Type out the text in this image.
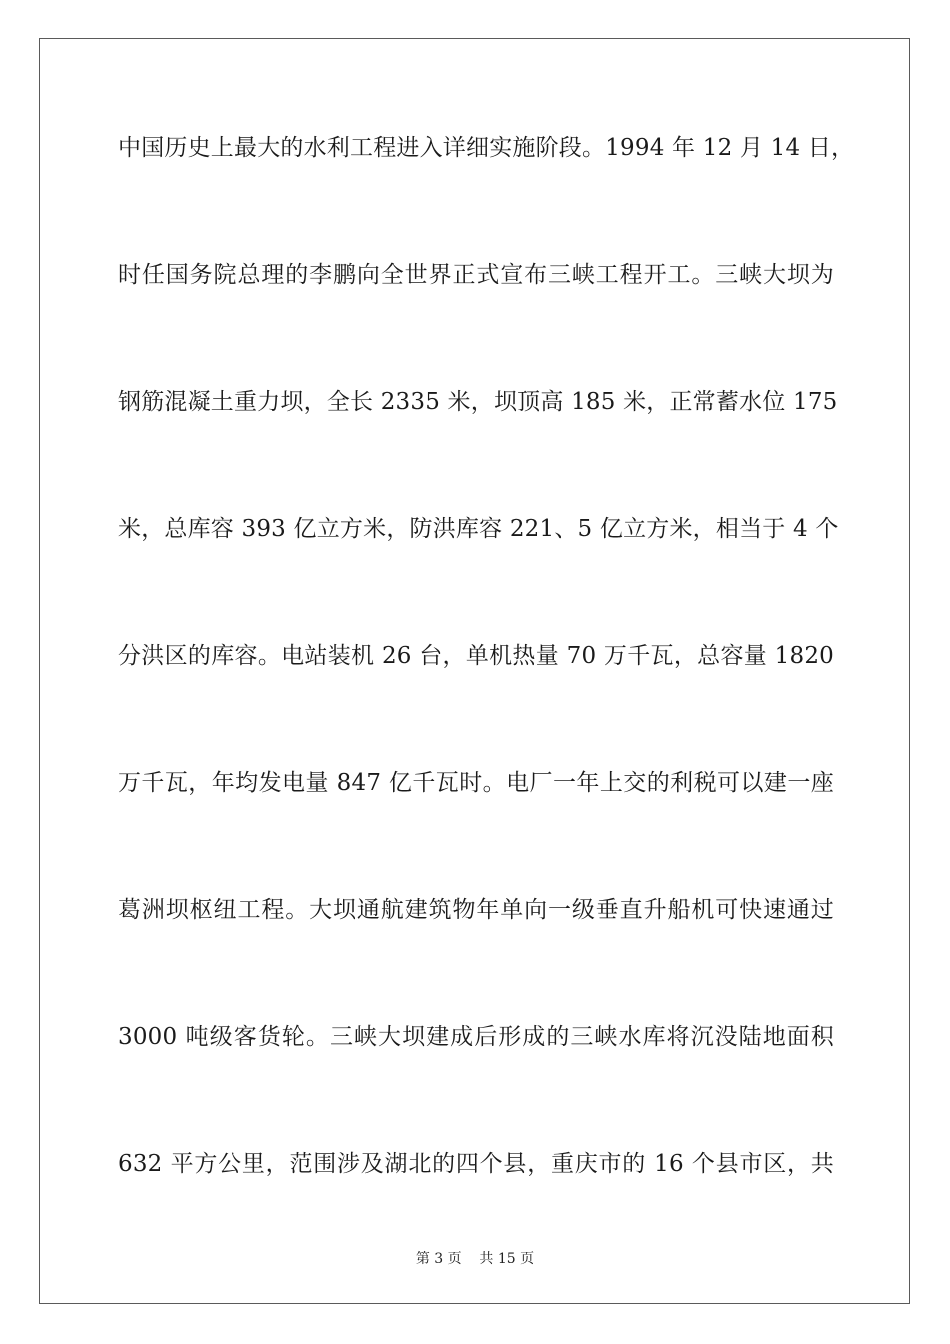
中国历史上最大的水利工程进入详细实施阶段。1994 年 12 月 14 日，
时任国务院总理的李鹏向全世界正式宣布三峡工程开工。三峡大坝为
钢筋混凝土重力坝，全长 2335 米，坝顶高 185 米，正常蓄水位 175
米，总库容 393 亿立方米，防洪库容 221、5 亿立方米，相当于 4 个
分洪区的库容。电站装机 26 台，单机热量 70 万千瓦，总容量 1820
万千瓦，年均发电量 847 亿千瓦时。电厂一年上交的利税可以建一座
葛洲坝枢纽工程。大坝通航建筑物年单向一级垂直升船机可快速通过
3000 吨级客货轮。三峡大坝建成后形成的三峡水库将沉没陆地面积
632 平方公里，范围涉及湖北的四个县，重庆市的 16 个县市区，共
第 3 页    共 15 页
